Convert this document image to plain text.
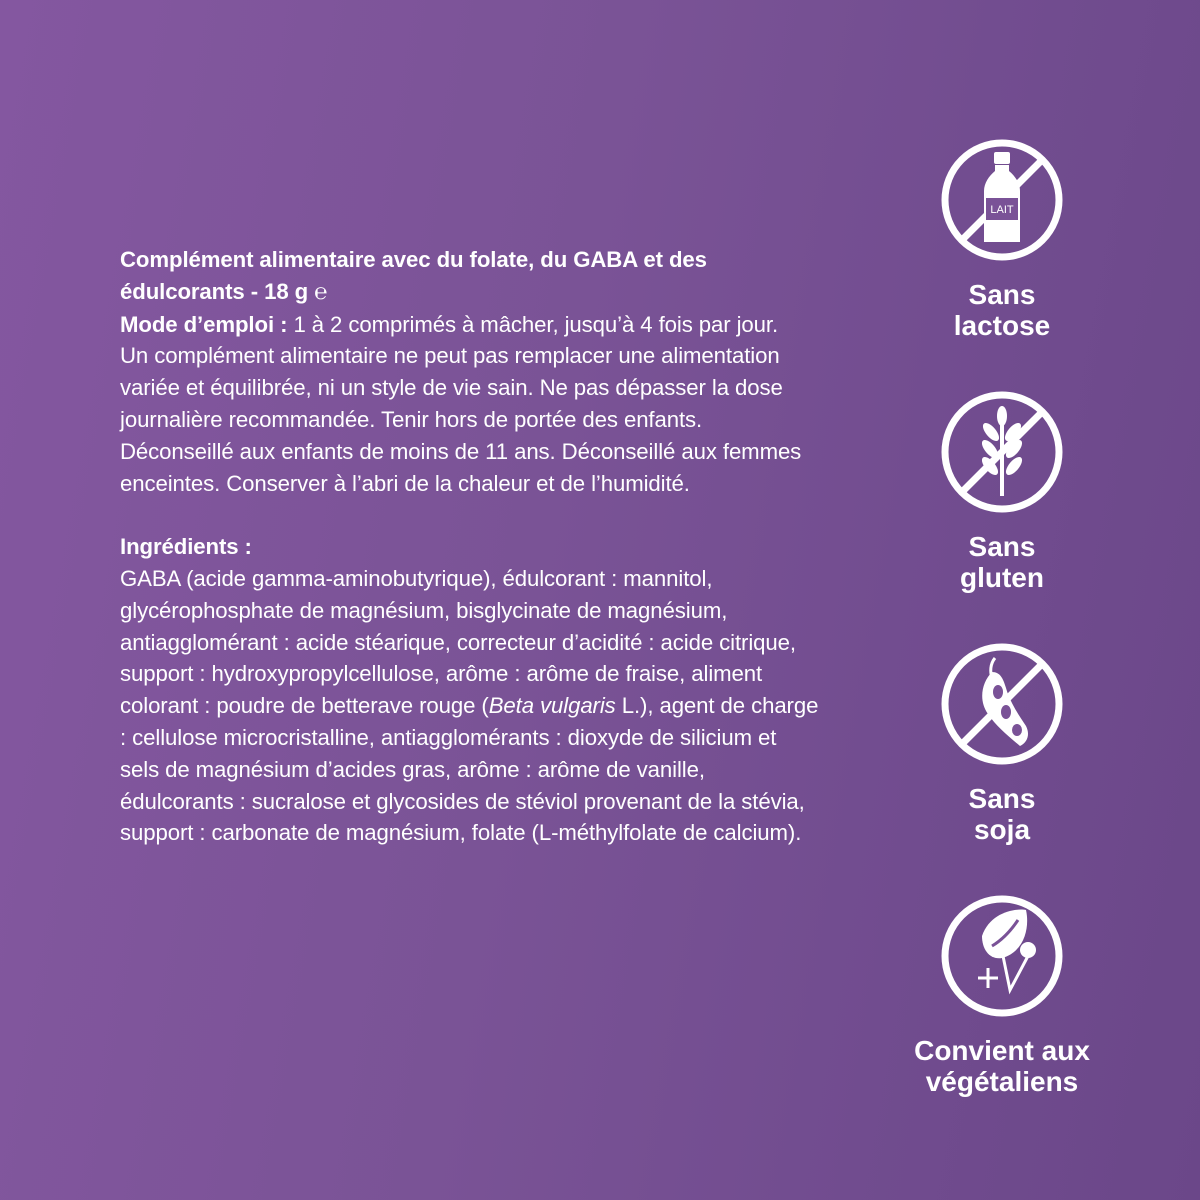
Complément alimentaire avec du folate, du GABA et des édulcorants - 18 g ℮

Mode d’emploi : 1 à 2 comprimés à mâcher, jusqu’à 4 fois par jour.

Un complément alimentaire ne peut pas remplacer une alimentation variée et équilibrée, ni un style de vie sain. Ne pas dépasser la dose journalière recommandée. Tenir hors de portée des enfants. Déconseillé aux enfants de moins de 11 ans. Déconseillé aux femmes enceintes. Conserver à l’abri de la chaleur et de l’humidité.

Ingrédients :

GABA (acide gamma-aminobutyrique), édulcorant : mannitol, glycérophosphate de magnésium, bisglycinate de magnésium, antiagglomérant : acide stéarique, correcteur d’acidité : acide citrique, support : hydroxypropylcellulose, arôme : arôme de fraise, aliment colorant : poudre de betterave rouge (Beta vulgaris L.), agent de charge : cellulose microcristalline, antiagglomérants : dioxyde de silicium et sels de magnésium d’acides gras, arôme : arôme de vanille, édulcorants : sucralose et glycosides de stéviol provenant de la stévia, support : carbonate de magnésium, folate (L-méthylfolate de calcium).

LAIT
Sans
lactose
Sans
gluten
Sans
soja
Convient aux
végétaliens
